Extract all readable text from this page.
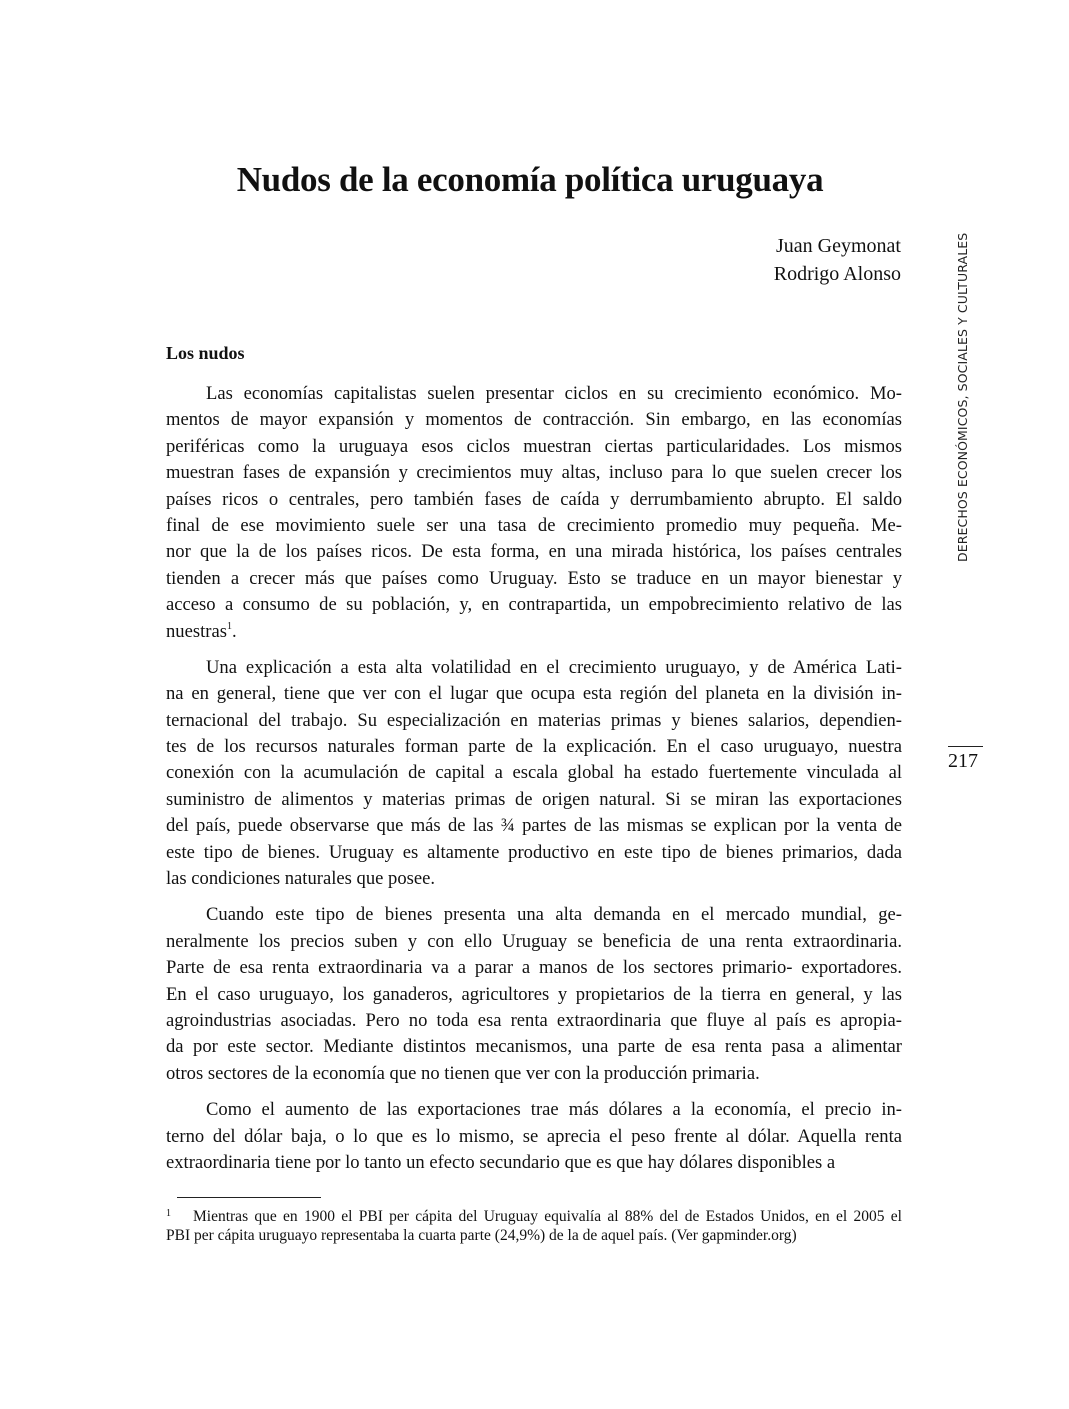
Nudos de la economía política uruguaya
Juan Geymonat
Rodrigo Alonso
Los nudos
Las economías capitalistas suelen presentar ciclos en su crecimiento económico. Mo-
mentos de mayor expansión y momentos de contracción. Sin embargo, en las economías
periféricas como la uruguaya esos ciclos muestran ciertas particularidades. Los mismos
muestran fases de expansión y crecimientos muy altas, incluso para lo que suelen crecer los
países ricos o centrales, pero también fases de caída y derrumbamiento abrupto. El saldo
final de ese movimiento suele ser una tasa de crecimiento promedio muy pequeña. Me-
nor que la de los países ricos. De esta forma, en una mirada histórica, los países centrales
tienden a crecer más que países como Uruguay. Esto se traduce en un mayor bienestar y
acceso a consumo de su población, y, en contrapartida, un empobrecimiento relativo de las
nuestras$^1$.
Una explicación a esta alta volatilidad en el crecimiento uruguayo, y de América Lati-
na en general, tiene que ver con el lugar que ocupa esta región del planeta en la división in-
ternacional del trabajo. Su especialización en materias primas y bienes salarios, dependien-
tes de los recursos naturales forman parte de la explicación. En el caso uruguayo, nuestra
conexión con la acumulación de capital a escala global ha estado fuertemente vinculada al
suministro de alimentos y materias primas de origen natural. Si se miran las exportaciones
del país, puede observarse que más de las ¾ partes de las mismas se explican por la venta de
este tipo de bienes. Uruguay es altamente productivo en este tipo de bienes primarios, dada
las condiciones naturales que posee.
Cuando este tipo de bienes presenta una alta demanda en el mercado mundial, ge-
neralmente los precios suben y con ello Uruguay se beneficia de una renta extraordinaria.
Parte de esa renta extraordinaria va a parar a manos de los sectores primario- exportadores.
En el caso uruguayo, los ganaderos, agricultores y propietarios de la tierra en general, y las
agroindustrias asociadas. Pero no toda esa renta extraordinaria que fluye al país es apropia-
da por este sector. Mediante distintos mecanismos, una parte de esa renta pasa a alimentar
otros sectores de la economía que no tienen que ver con la producción primaria.
Como el aumento de las exportaciones trae más dólares a la economía, el precio in-
terno del dólar baja, o lo que es lo mismo, se aprecia el peso frente al dólar. Aquella renta
extraordinaria tiene por lo tanto un efecto secundario que es que hay dólares disponibles a
1 Mientras que en 1900 el PBI per cápita del Uruguay equivalía al 88% del de Estados Unidos, en el 2005 el
PBI per cápita uruguayo representaba la cuarta parte (24,9%) de la de aquel país. (Ver gapminder.org)
DERECHOS ECONÓMICOS, SOCIALES Y CULTURALES
217
